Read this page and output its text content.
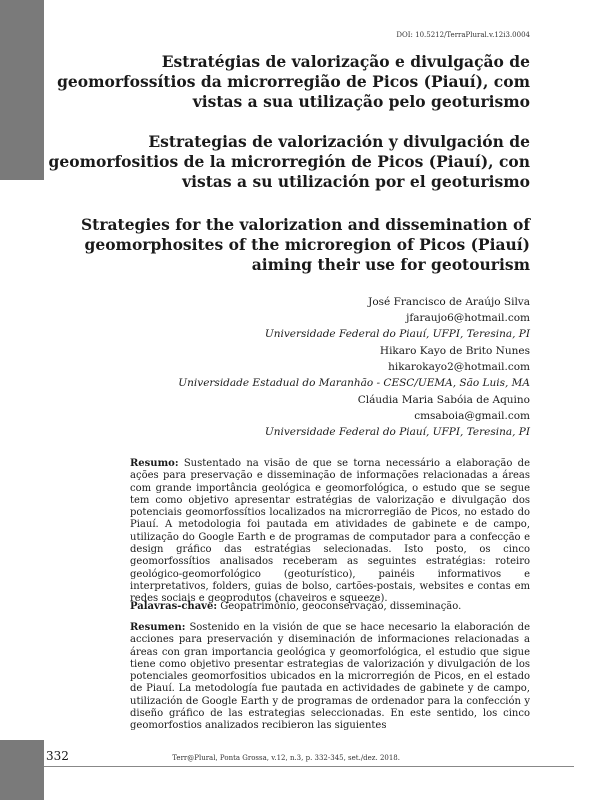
DOI: 10.5212/TerraPlural.v.12i3.0004
Estratégias de valorização e divulgação de geomorfossítios da microrregião de Picos (Piauí), com vistas a sua utilização pelo geoturismo
Estrategias de valorización y divulgación de geomorfositios de la microrregión de Picos (Piauí), con vistas a su utilización por el geoturismo
Strategies for the valorization and dissemination of geomorphosites of the microregion of Picos (Piauí) aiming their use for geotourism
José Francisco de Araújo Silva
jfaraujo6@hotmail.com
Universidade Federal do Piauí, UFPI, Teresina, PI
Hikaro Kayo de Brito Nunes
hikarokayo2@hotmail.com
Universidade Estadual do Maranhão - CESC/UEMA, São Luis, MA
Cláudia Maria Sabóia de Aquino
cmsaboia@gmail.com
Universidade Federal do Piauí, UFPI, Teresina, PI
Resumo: Sustentado na visão de que se torna necessário a elaboração de ações para preservação e disseminação de informações relacionadas a áreas com grande importância geológica e geomorfológica, o estudo que se segue tem como objetivo apresentar estratégias de valorização e divulgação dos potenciais geomorfossítios localizados na microrregião de Picos, no estado do Piauí. A metodologia foi pautada em atividades de gabinete e de campo, utilização do Google Earth e de programas de computador para a confecção e design gráfico das estratégias selecionadas. Isto posto, os cinco geomorfossítios analisados receberam as seguintes estratégias: roteiro geológico-geomorfológico (geoturístico), painéis informativos e interpretativos, folders, guias de bolso, cartões-postais, websites e contas em redes sociais e geoprodutos (chaveiros e squeeze).
Palavras-chave: Geopatrimônio, geoconservação, disseminação.
Resumen: Sostenido en la visión de que se hace necesario la elaboración de acciones para preservación y diseminación de informaciones relacionadas a áreas con gran importancia geológica y geomorfológica, el estudio que sigue tiene como objetivo presentar estrategias de valorización y divulgación de los potenciales geomorfositios ubicados en la microrregión de Picos, en el estado de Piauí. La metodología fue pautada en actividades de gabinete y de campo, utilización de Google Earth y de programas de ordenador para la confección y diseño gráfico de las estrategias seleccionadas. En este sentido, los cinco geomorfostios analizados recibieron las siguientes
332	Terr@Plural, Ponta Grossa, v.12, n.3, p. 332-345, set./dez. 2018.
